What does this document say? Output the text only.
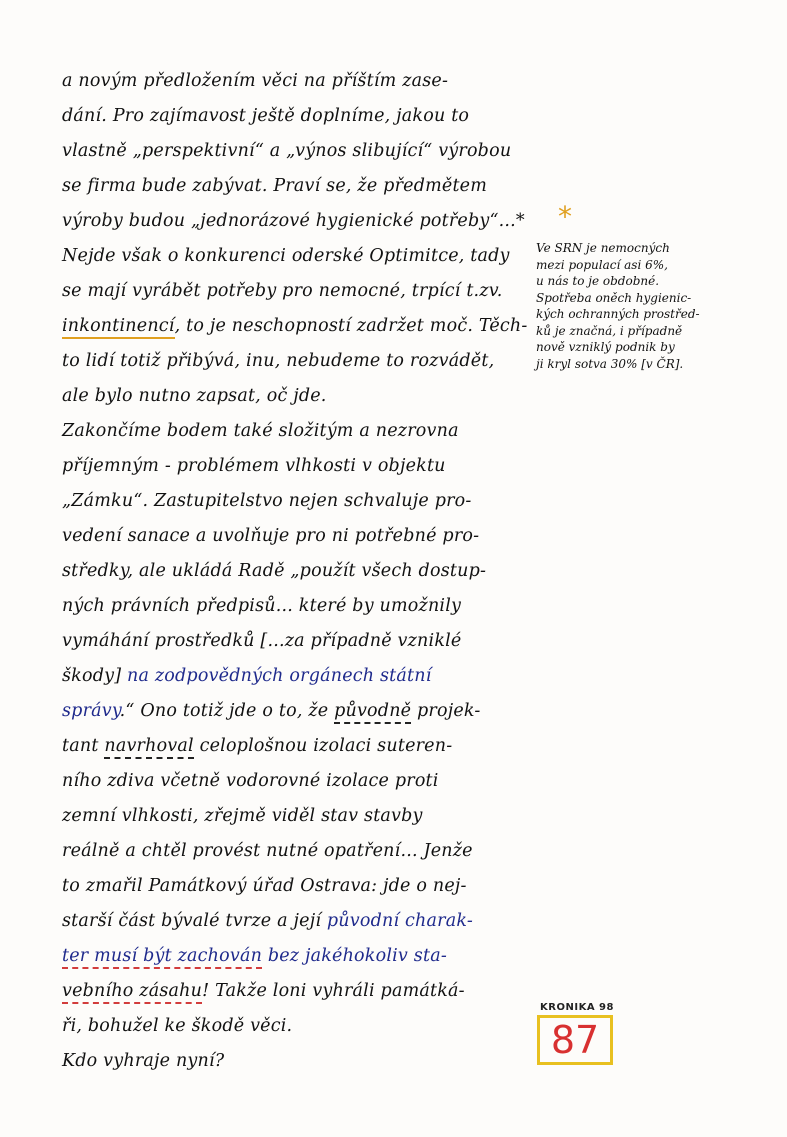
a novým předložením věci na příštím zase-
dání. Pro zajímavost ještě doplníme, jakou to
vlastně „perspektivní“ a „výnos slibující“ výrobou
se firma bude zabývat. Praví se, že předmětem
výroby budou „jednorázové hygienické potřeby“...*
Nejde však o konkurenci oderské Optimitce, tady
se mají vyrábět potřeby pro nemocné, trpící t.zv.
inkontinencí, to je neschopností zadržet moč. Těch-
to lidí totiž přibývá, inu, nebudeme to rozvádět,
ale bylo nutno zapsat, oč jde.
Zakončíme bodem také složitým a nezrovna
příjemným - problémem vlhkosti v objektu
„Zámku“. Zastupitelstvo nejen schvaluje pro-
vedení sanace a uvolňuje pro ni potřebné pro-
středky, ale ukládá Radě „použít všech dostup-
ných právních předpisů... které by umožnily
vymáhání prostředků [...za případně vzniklé
škody] na zodpovědných orgánech státní
správy.“ Ono totiž jde o to, že původně projek-
tant navrhoval celoplošnou izolaci suteren-
ního zdiva včetně vodorovné izolace proti
zemní vlhkosti, zřejmě viděl stav stavby
reálně a chtěl provést nutné opatření... Jenže
to zmařil Památkový úřad Ostrava: jde o nej-
starší část bývalé tvrze a její původní charak-
ter musí být zachován bez jakéhokoliv sta-
vebního zásahu! Takže loni vyhráli památká-
ři, bohužel ke škodě věci.
Kdo vyhraje nyní?
*
Ve SRN je nemocných
mezi populací asi 6%,
u nás to je obdobné.
Spotřeba oněch hygienic-
kých ochranných prostřed-
ků je značná, i případně
nově vzniklý podnik by
ji kryl sotva 30% [v ČR].
KRONIKA 98
87
